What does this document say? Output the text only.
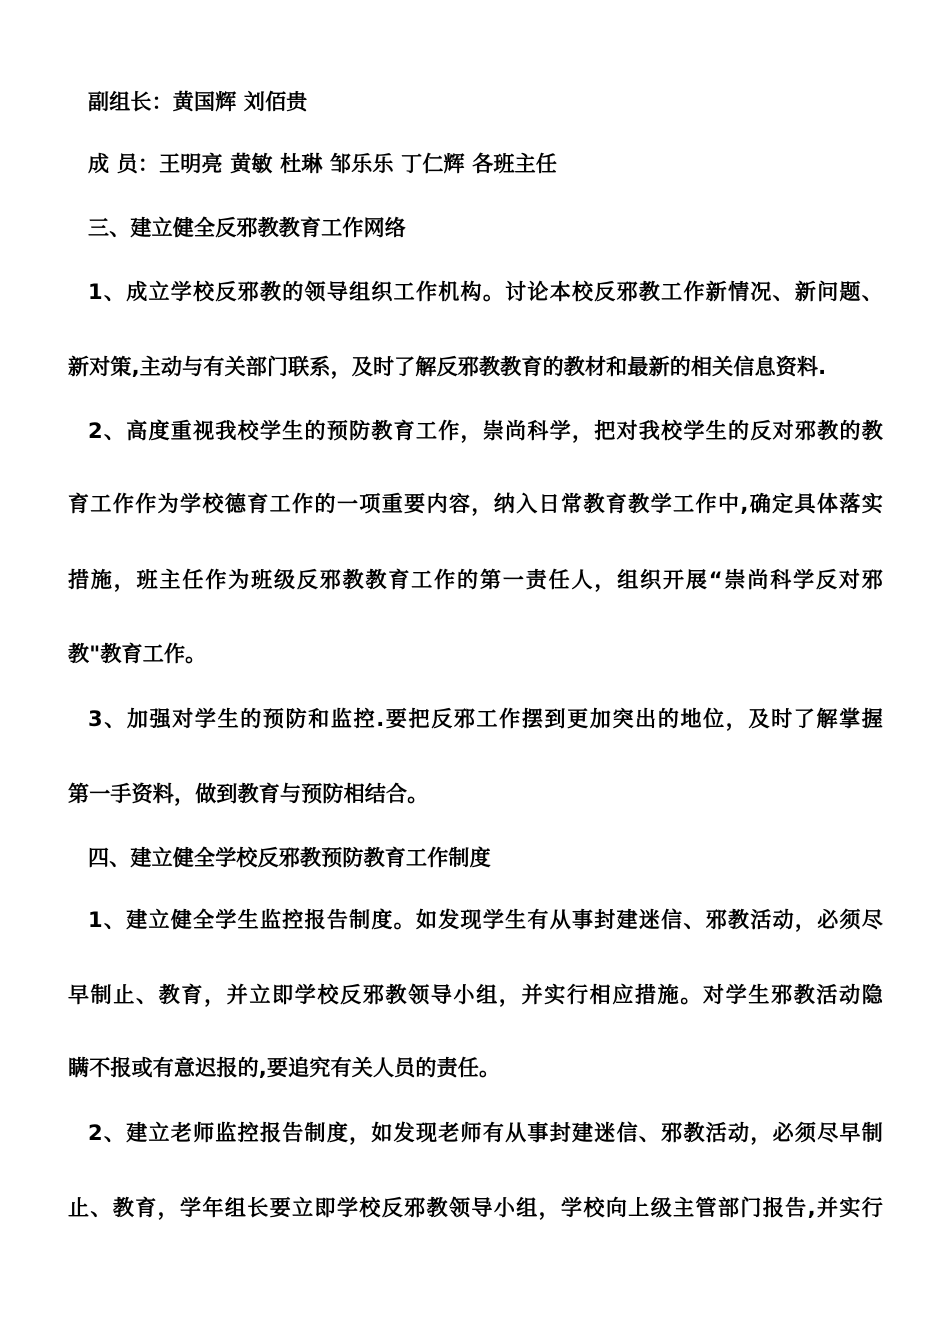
副组长：黄国辉 刘佰贵
成 员：王明亮 黄敏 杜琳 邹乐乐 丁仁辉 各班主任
三、建立健全反邪教教育工作网络
1、成立学校反邪教的领导组织工作机构。讨论本校反邪教工作新情况、新问题、
新对策,主动与有关部门联系，及时了解反邪教教育的教材和最新的相关信息资料.
2、高度重视我校学生的预防教育工作，崇尚科学，把对我校学生的反对邪教的教
育工作作为学校德育工作的一项重要内容，纳入日常教育教学工作中,确定具体落实
措施，班主任作为班级反邪教教育工作的第一责任人，组织开展“崇尚科学反对邪
教"教育工作。
3、加强对学生的预防和监控.要把反邪工作摆到更加突出的地位，及时了解掌握
第一手资料，做到教育与预防相结合。
四、建立健全学校反邪教预防教育工作制度
1、建立健全学生监控报告制度。如发现学生有从事封建迷信、邪教活动，必须尽
早制止、教育，并立即学校反邪教领导小组，并实行相应措施。对学生邪教活动隐
瞒不报或有意迟报的,要追究有关人员的责任。
2、建立老师监控报告制度，如发现老师有从事封建迷信、邪教活动，必须尽早制
止、教育，学年组长要立即学校反邪教领导小组，学校向上级主管部门报告,并实行
